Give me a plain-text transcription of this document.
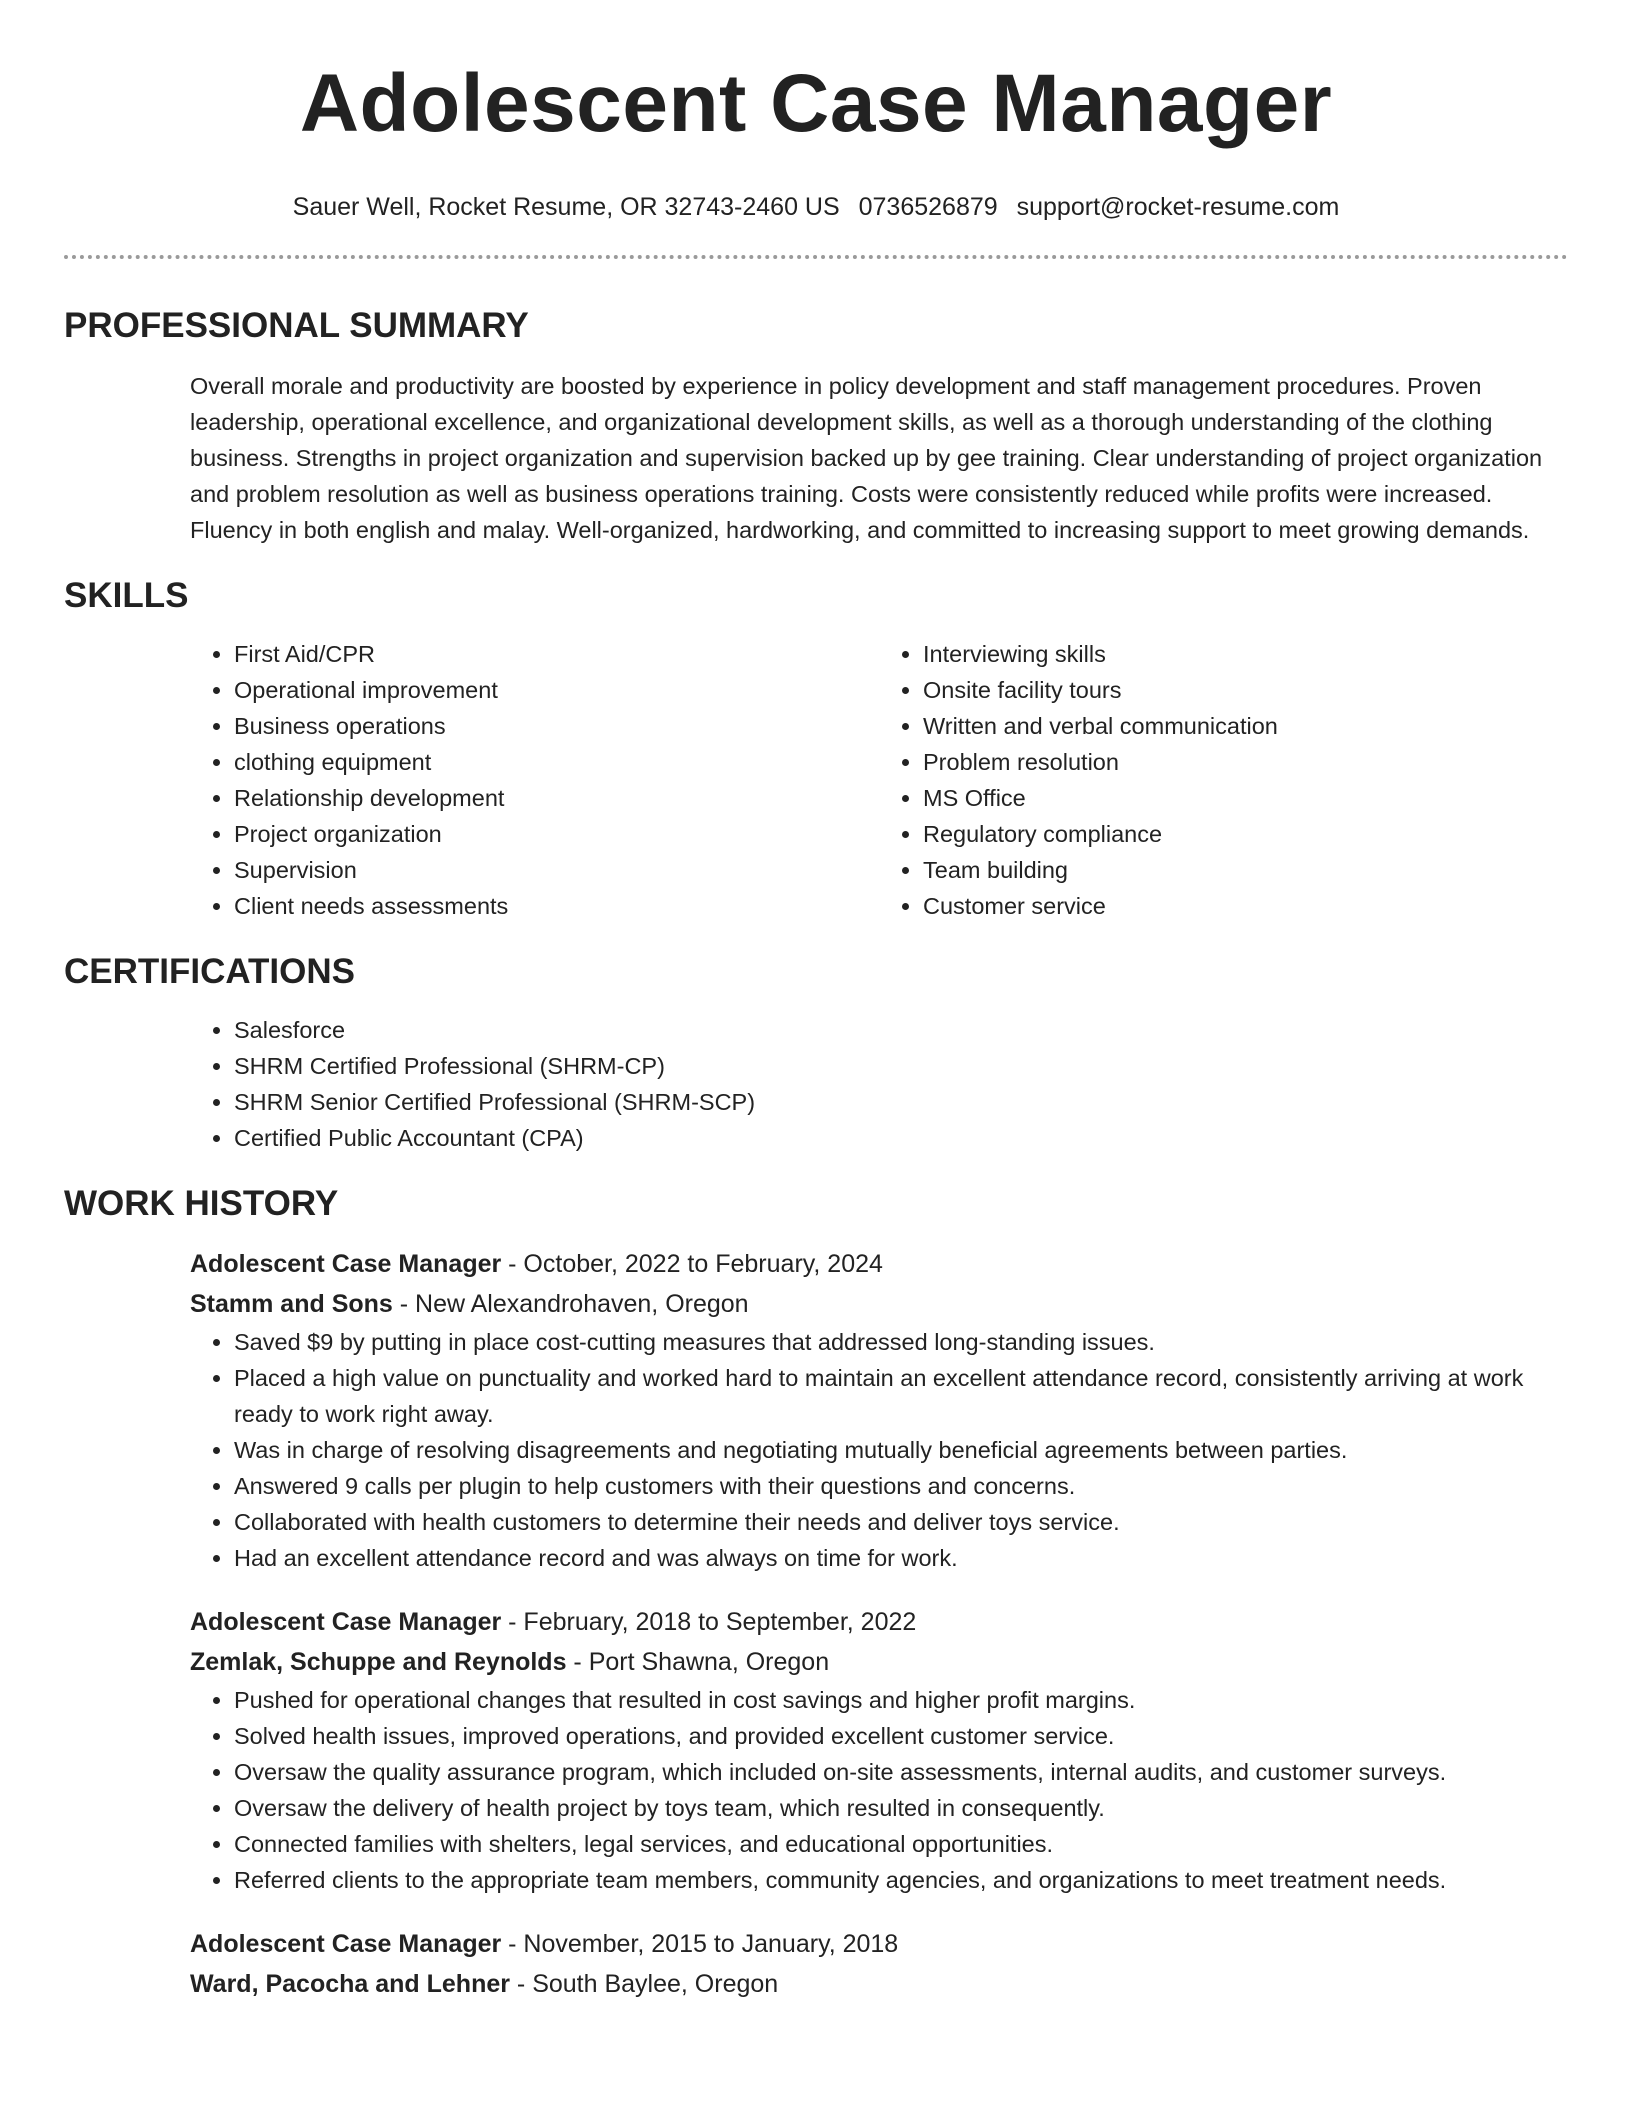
Adolescent Case Manager
Sauer Well, Rocket Resume, OR 32743-2460 US 0736526879 support@rocket-resume.com
PROFESSIONAL SUMMARY

Overall morale and productivity are boosted by experience in policy development and staff management procedures. Proven leadership, operational excellence, and organizational development skills, as well as a thorough understanding of the clothing business. Strengths in project organization and supervision backed up by gee training. Clear understanding of project organization and problem resolution as well as business operations training. Costs were consistently reduced while profits were increased. Fluency in both english and malay. Well-organized, hardworking, and committed to increasing support to meet growing demands.

SKILLS
• First Aid/CPR
• Operational improvement
• Business operations
• clothing equipment
• Relationship development
• Project organization
• Supervision
• Client needs assessments
• Interviewing skills
• Onsite facility tours
• Written and verbal communication
• Problem resolution
• MS Office
• Regulatory compliance
• Team building
• Customer service
CERTIFICATIONS
• Salesforce
• SHRM Certified Professional (SHRM-CP)
• SHRM Senior Certified Professional (SHRM-SCP)
• Certified Public Accountant (CPA)
WORK HISTORY
Adolescent Case Manager - October, 2022 to February, 2024
Stamm and Sons - New Alexandrohaven, Oregon
• Saved $9 by putting in place cost-cutting measures that addressed long-standing issues.
• Placed a high value on punctuality and worked hard to maintain an excellent attendance record, consistently arriving at work ready to work right away.
• Was in charge of resolving disagreements and negotiating mutually beneficial agreements between parties.
• Answered 9 calls per plugin to help customers with their questions and concerns.
• Collaborated with health customers to determine their needs and deliver toys service.
• Had an excellent attendance record and was always on time for work.
Adolescent Case Manager - February, 2018 to September, 2022
Zemlak, Schuppe and Reynolds - Port Shawna, Oregon
• Pushed for operational changes that resulted in cost savings and higher profit margins.
• Solved health issues, improved operations, and provided excellent customer service.
• Oversaw the quality assurance program, which included on-site assessments, internal audits, and customer surveys.
• Oversaw the delivery of health project by toys team, which resulted in consequently.
• Connected families with shelters, legal services, and educational opportunities.
• Referred clients to the appropriate team members, community agencies, and organizations to meet treatment needs.
Adolescent Case Manager - November, 2015 to January, 2018
Ward, Pacocha and Lehner - South Baylee, Oregon
